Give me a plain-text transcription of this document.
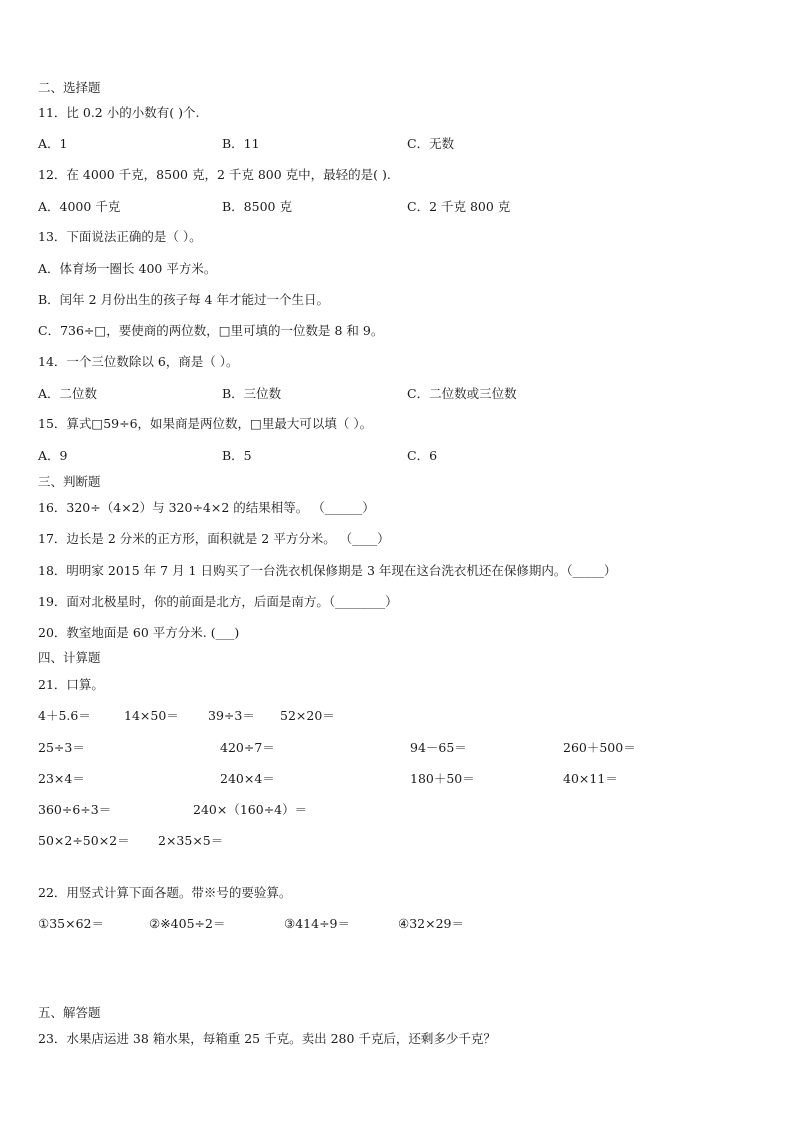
二、选择题
11．比 0.2 小的小数有( )个.
A．1	B．11	C．无数
12．在 4000 千克，8500 克，2 千克 800 克中，最轻的是( ).
A．4000 千克	B．8500 克	C．2 千克 800 克
13．下面说法正确的是（ ）。
A．体育场一圈长 400 平方米。
B．闰年 2 月份出生的孩子每 4 年才能过一个生日。
C．736÷□，要使商的两位数，□里可填的一位数是 8 和 9。
14．一个三位数除以 6，商是（ ）。
A．二位数	B．三位数	C．二位数或三位数
15．算式□59÷6，如果商是两位数，□里最大可以填（ ）。
A．9	B．5	C．6
三、判断题
16．320÷（4×2）与 320÷4×2 的结果相等。 （______）
17．边长是 2 分米的正方形，面积就是 2 平方分米。 （____）
18．明明家 2015 年 7 月 1 日购买了一台洗衣机保修期是 3 年现在这台洗衣机还在保修期内。（_____）
19．面对北极星时，你的前面是北方，后面是南方。（________）
20．教室地面是 60 平方分米. (___)
四、计算题
21．口算。
4＋5.6＝	14×50＝ 39÷3＝ 52×20＝
25÷3＝	420÷7＝	94－65＝	260＋500＝
23×4＝	240×4＝	180＋50＝	40×11＝
360÷6÷3＝	240×（160÷4）＝
50×2÷50×2＝ 2×35×5＝
22．用竖式计算下面各题。带※号的要验算。
①35×62＝	②※405÷2＝	③414÷9＝	④32×29＝
五、解答题
23．水果店运进 38 箱水果，每箱重 25 千克。卖出 280 千克后，还剩多少千克？
